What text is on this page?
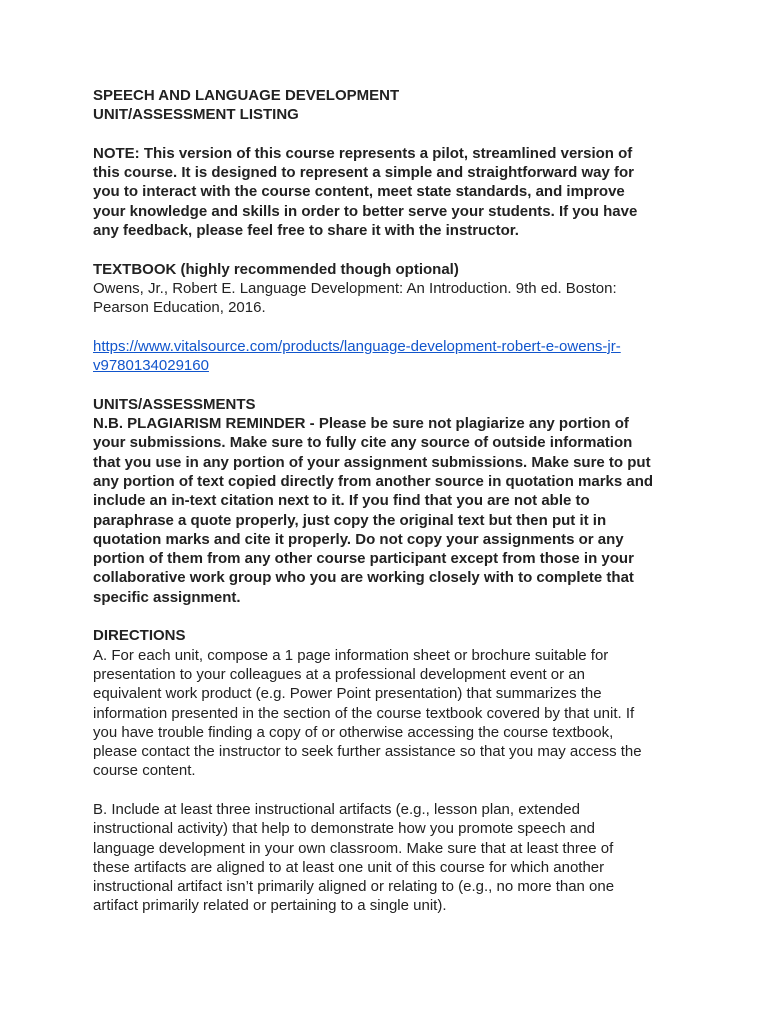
SPEECH AND LANGUAGE DEVELOPMENT
UNIT/ASSESSMENT LISTING
NOTE: This version of this course represents a pilot, streamlined version of
this course. It is designed to represent a simple and straightforward way for
you to interact with the course content, meet state standards, and improve
your knowledge and skills in order to better serve your students. If you have
any feedback, please feel free to share it with the instructor.
TEXTBOOK (highly recommended though optional)
Owens, Jr., Robert E. Language Development: An Introduction. 9th ed. Boston:
Pearson Education, 2016.
https://www.vitalsource.com/products/language-development-robert-e-owens-jr-
v9780134029160
UNITS/ASSESSMENTS
N.B. PLAGIARISM REMINDER - Please be sure not plagiarize any portion of
your submissions. Make sure to fully cite any source of outside information
that you use in any portion of your assignment submissions. Make sure to put
any portion of text copied directly from another source in quotation marks and
include an in-text citation next to it. If you find that you are not able to
paraphrase a quote properly, just copy the original text but then put it in
quotation marks and cite it properly. Do not copy your assignments or any
portion of them from any other course participant except from those in your
collaborative work group who you are working closely with to complete that
specific assignment.
DIRECTIONS
A. For each unit, compose a 1 page information sheet or brochure suitable for
presentation to your colleagues at a professional development event or an
equivalent work product (e.g. Power Point presentation) that summarizes the
information presented in the section of the course textbook covered by that unit. If
you have trouble finding a copy of or otherwise accessing the course textbook,
please contact the instructor to seek further assistance so that you may access the
course content.
B. Include at least three instructional artifacts (e.g., lesson plan, extended
instructional activity) that help to demonstrate how you promote speech and
language development in your own classroom. Make sure that at least three of
these artifacts are aligned to at least one unit of this course for which another
instructional artifact isn’t primarily aligned or relating to (e.g., no more than one
artifact primarily related or pertaining to a single unit).
